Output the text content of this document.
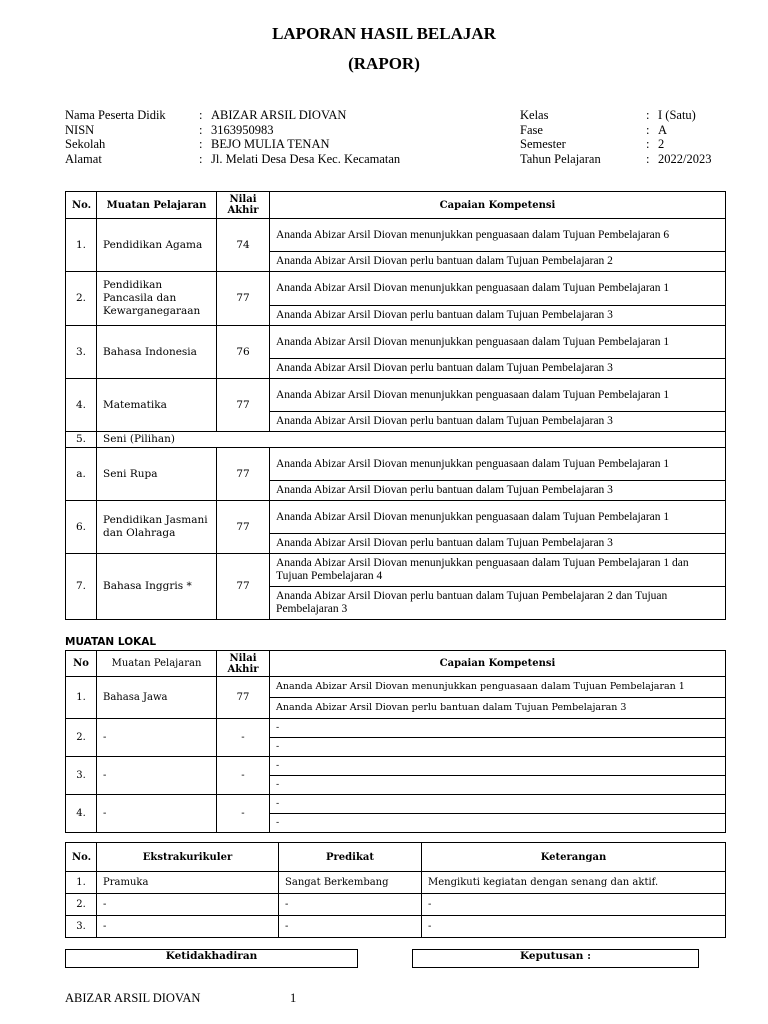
LAPORAN HASIL BELAJAR
(RAPOR)
Nama Peserta Didik	:	ABIZAR ARSIL DIOVAN
NISN	:	3163950983
Sekolah	:	BEJO MULIA TENAN
Alamat	:	Jl. Melati Desa Desa Kec. Kecamatan
Kelas	:	I (Satu)
Fase	:	A
Semester	:	2
Tahun Pelajaran	:	2022/2023
No.	Muatan Pelajaran	Nilai Akhir	Capaian Kompetensi
1.	Pendidikan Agama	74	Ananda Abizar Arsil Diovan menunjukkan penguasaan dalam Tujuan Pembelajaran 6
			Ananda Abizar Arsil Diovan perlu bantuan dalam Tujuan Pembelajaran 2
2.	Pendidikan Pancasila dan Kewarganegaraan	77	Ananda Abizar Arsil Diovan menunjukkan penguasaan dalam Tujuan Pembelajaran 1
			Ananda Abizar Arsil Diovan perlu bantuan dalam Tujuan Pembelajaran 3
3.	Bahasa Indonesia	76	Ananda Abizar Arsil Diovan menunjukkan penguasaan dalam Tujuan Pembelajaran 1
			Ananda Abizar Arsil Diovan perlu bantuan dalam Tujuan Pembelajaran 3
4.	Matematika	77	Ananda Abizar Arsil Diovan menunjukkan penguasaan dalam Tujuan Pembelajaran 1
			Ananda Abizar Arsil Diovan perlu bantuan dalam Tujuan Pembelajaran 3
5.	Seni (Pilihan)		
a.	Seni Rupa	77	Ananda Abizar Arsil Diovan menunjukkan penguasaan dalam Tujuan Pembelajaran 1
			Ananda Abizar Arsil Diovan perlu bantuan dalam Tujuan Pembelajaran 3
6.	Pendidikan Jasmani dan Olahraga	77	Ananda Abizar Arsil Diovan menunjukkan penguasaan dalam Tujuan Pembelajaran 1
			Ananda Abizar Arsil Diovan perlu bantuan dalam Tujuan Pembelajaran 3
7.	Bahasa Inggris *	77	Ananda Abizar Arsil Diovan menunjukkan penguasaan dalam Tujuan Pembelajaran 1 dan Tujuan Pembelajaran 4
			Ananda Abizar Arsil Diovan perlu bantuan dalam Tujuan Pembelajaran 2 dan Tujuan Pembelajaran 3
MUATAN LOKAL
No	Muatan Pelajaran	Nilai Akhir	Capaian Kompetensi
1.	Bahasa Jawa	77	Ananda Abizar Arsil Diovan menunjukkan penguasaan dalam Tujuan Pembelajaran 1
			Ananda Abizar Arsil Diovan perlu bantuan dalam Tujuan Pembelajaran 3
2.	-	-	-
			-
3.	-	-	-
			-
4.	-	-	-
			-
No.	Ekstrakurikuler	Predikat	Keterangan
1.	Pramuka	Sangat Berkembang	Mengikuti kegiatan dengan senang dan aktif.
2.	-	-	-
3.	-	-	-
Ketidakhadiran	Keputusan :
ABIZAR ARSIL DIOVAN	1
